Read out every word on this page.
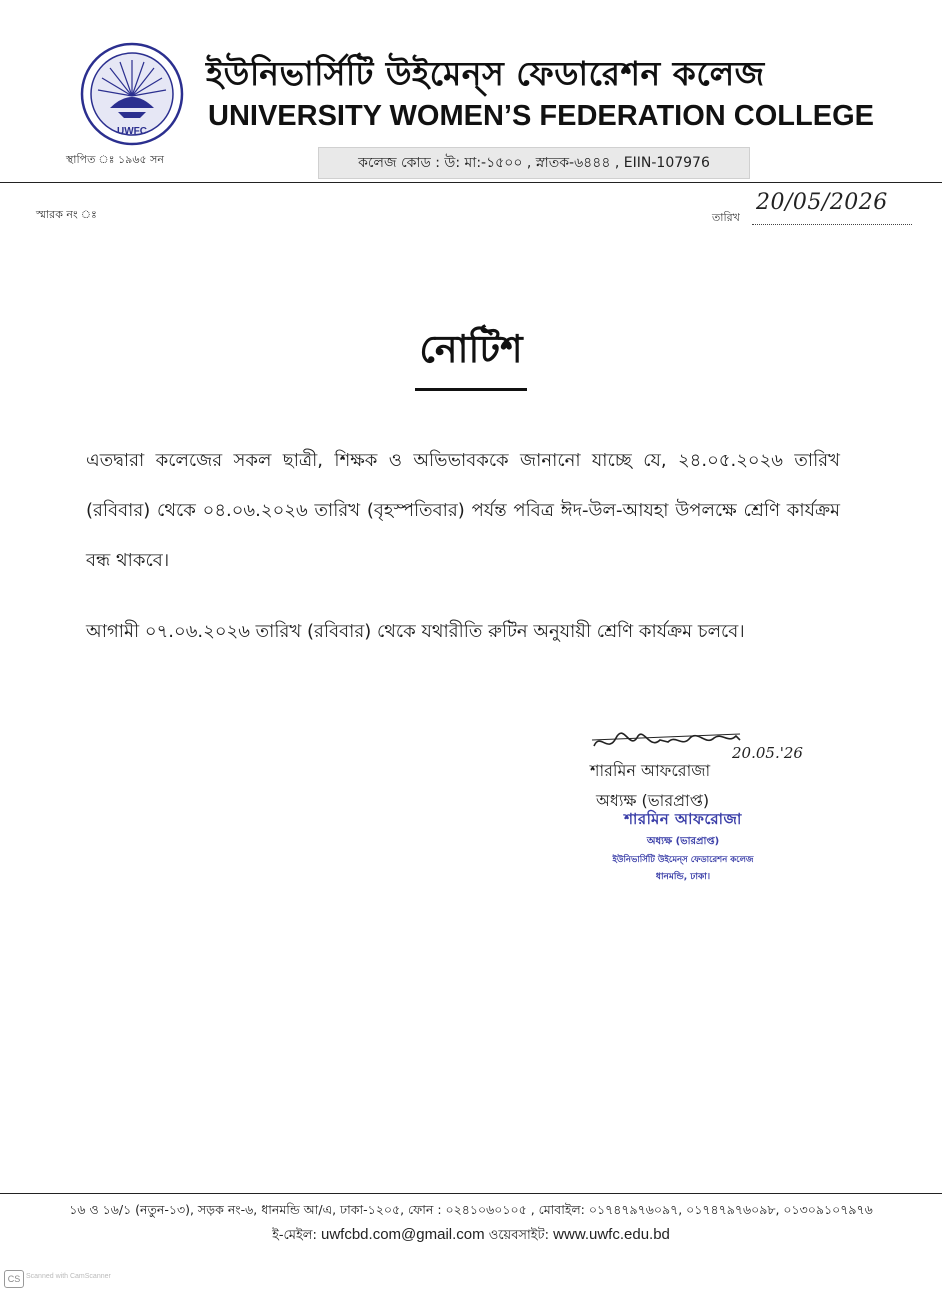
UWFC
ইউনিভার্সিটি উইমেন্‌স ফেডারেশন কলেজ
UNIVERSITY WOMEN’S FEDERATION COLLEGE
স্থাপিত ঃ ১৯৬৫ সন	কলেজ কোড : উ: মা:-১৫০০ , স্নাতক-৬৪৪৪ , EIIN-107976
স্মারক নং ঃ	তারিখ
20/05/2026
নোটিশ
এতদ্বারা কলেজের সকল ছাত্রী, শিক্ষক ও অভিভাবককে জানানো যাচ্ছে যে, ২৪.০৫.২০২৬ তারিখ (রবিবার) থেকে ০৪.০৬.২০২৬ তারিখ (বৃহস্পতিবার) পর্যন্ত পবিত্র ঈদ-উল-আযহা উপলক্ষে শ্রেণি কার্যক্রম বন্ধ থাকবে।
আগামী ০৭.০৬.২০২৬ তারিখ (রবিবার) থেকে যথারীতি রুটিন অনুযায়ী শ্রেণি কার্যক্রম চলবে।
20.05.'26
শারমিন আফরোজা
অধ্যক্ষ (ভারপ্রাপ্ত)
শারমিন আফরোজা
অধ্যক্ষ (ভারপ্রাপ্ত)
ইউনিভার্সিটি উইমেন্‌স ফেডারেশন কলেজ
ধানমন্ডি, ঢাকা।
১৬ ও ১৬/১ (নতুন-১৩), সড়ক নং-৬, ধানমন্ডি আ/এ, ঢাকা-১২০৫, ফোন : ০২৪১০৬০১০৫ , মোবাইল: ০১৭৪৭৯৭৬০৯৭, ০১৭৪৭৯৭৬০৯৮, ০১৩০৯১০৭৯৭৬
ই-মেইল: uwfcbd.com@gmail.com ওয়েবসাইট: www.uwfc.edu.bd
CS Scanned with CamScanner
